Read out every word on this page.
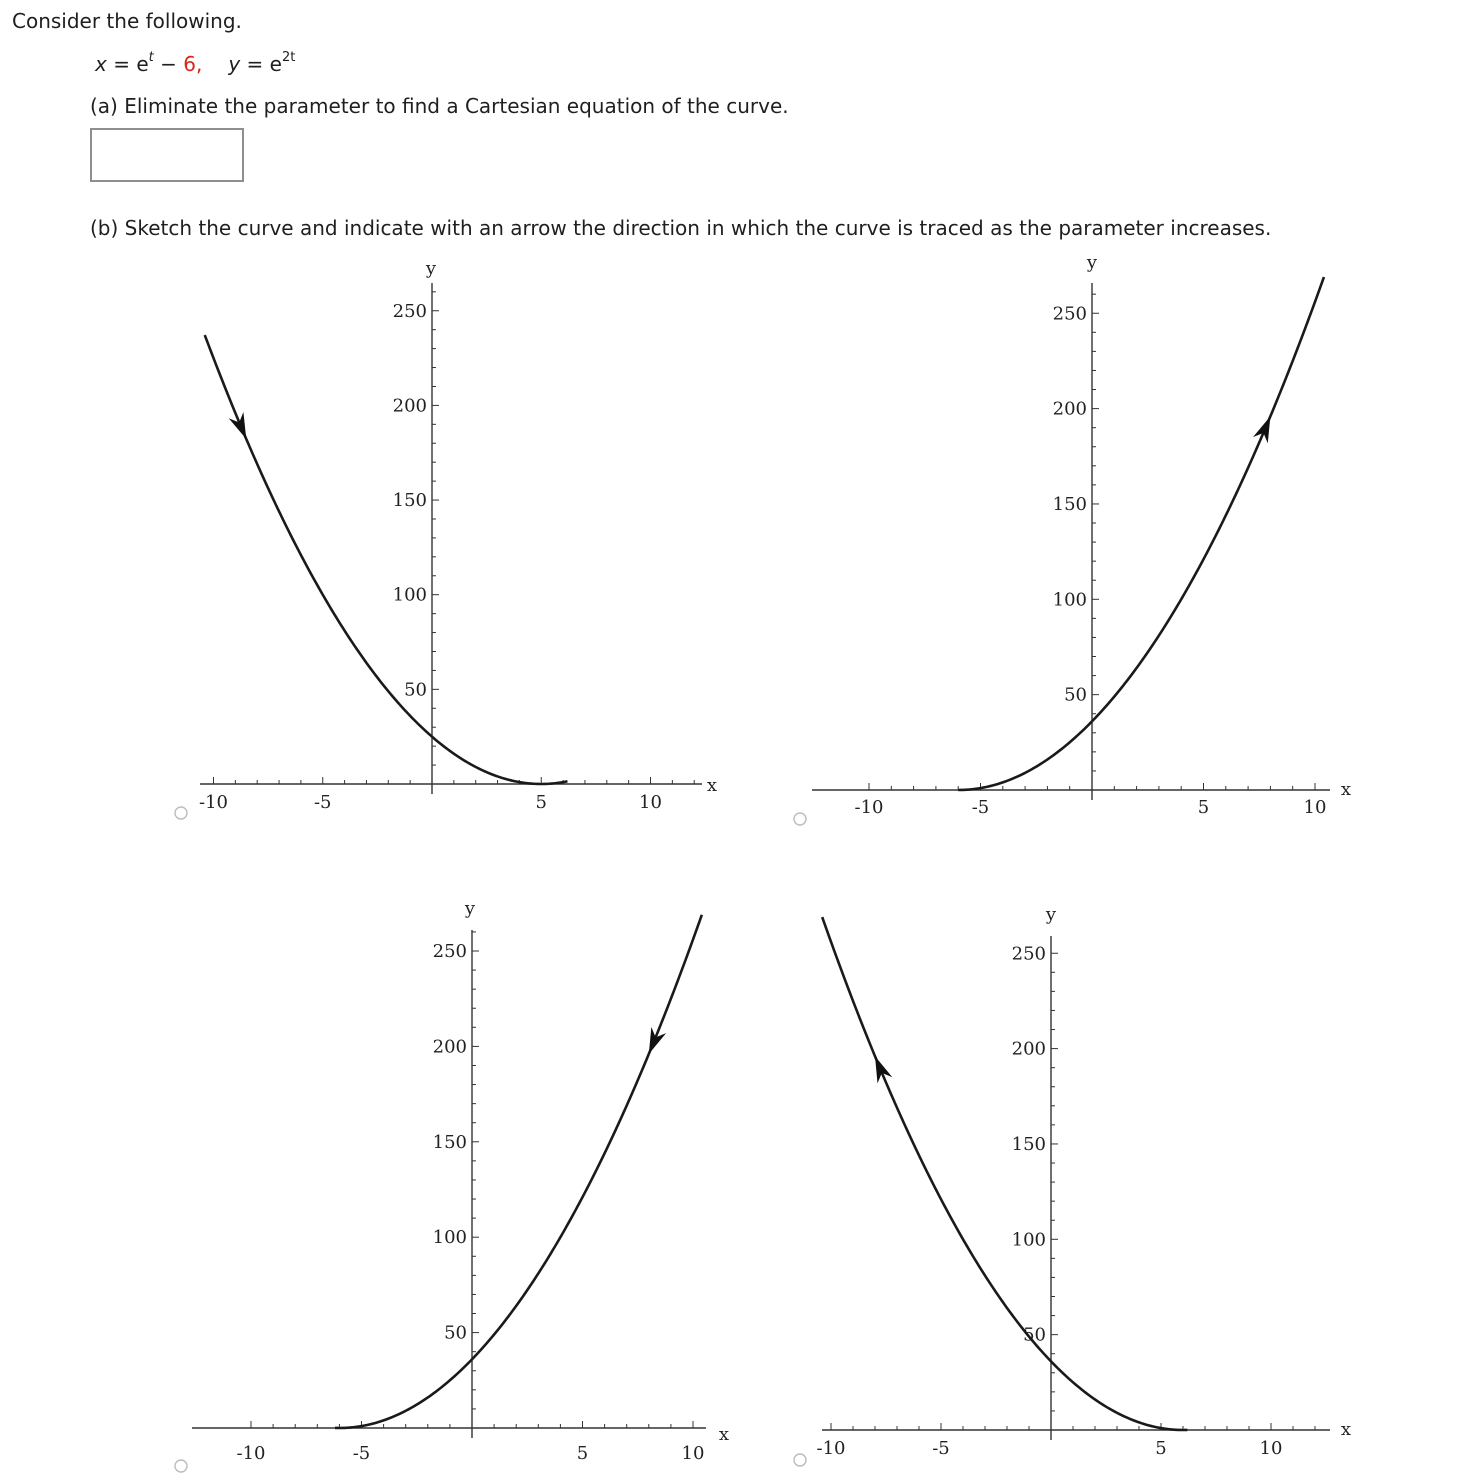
Consider the following.
$x = e^t - 6$, $y = e^{2t}$
(a) Eliminate the parameter to find a Cartesian equation of the curve.
(b) Sketch the curve and indicate with an arrow the direction in which the curve is traced as the parameter increases.
-10	-5	5	10
250
200
150
100
50
x
y
-10	-5	5	10
250
200
150
100
50
x
y
-10	-5	5	10
250
200
150
100
50
x
y
-10	-5	5	10
250
200
150
100
50
x
y
